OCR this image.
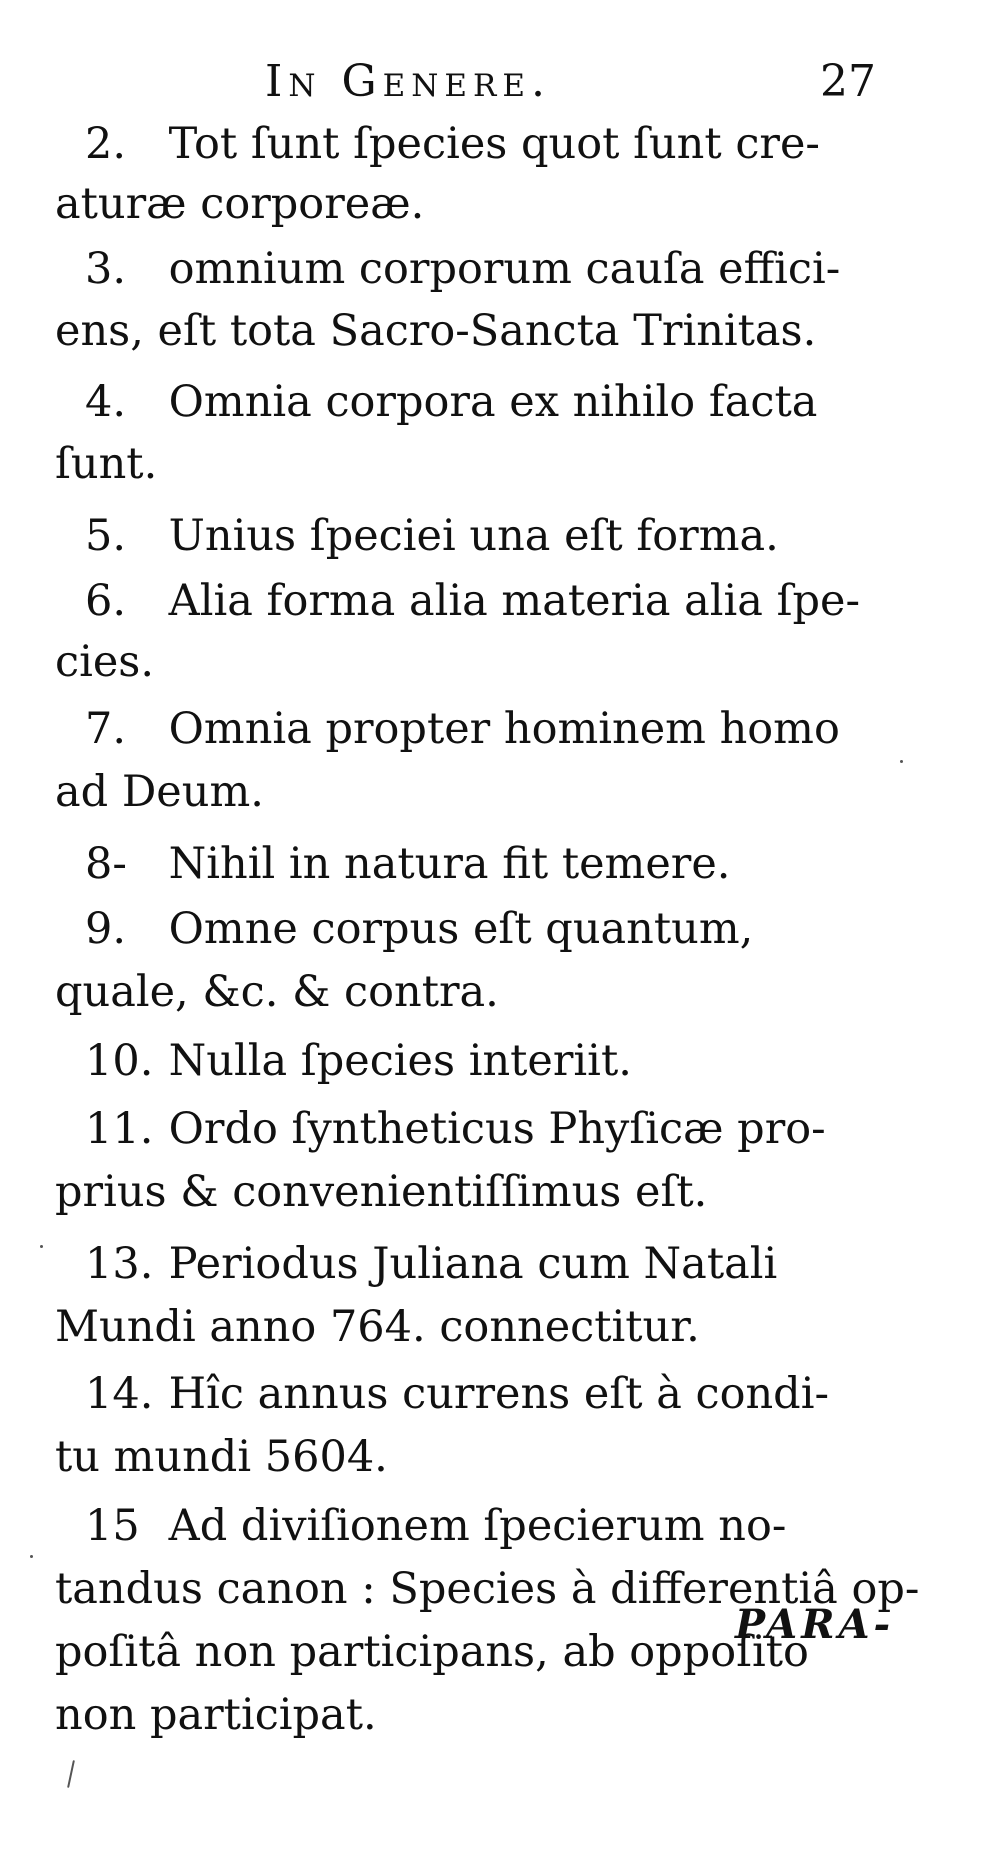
In Genere.	27
2. Tot ſunt ſpecies quot ſunt cre-
aturæ corporeæ.
3. omnium corporum cauſa effici-
ens, eſt tota Sacro-Sancta Trinitas.
4. Omnia corpora ex nihilo facta
ſunt.
5. Unius ſpeciei una eſt forma.
6. Alia forma alia materia alia ſpe-
cies.
7. Omnia propter hominem homo
ad Deum.
8- Nihil in natura fit temere.
9. Omne corpus eſt quantum,
quale, &c. & contra.
10. Nulla ſpecies interiit.
11. Ordo ſyntheticus Phyſicæ pro-
prius & convenientiſſimus eſt.
13. Periodus Juliana cum Natali
Mundi anno 764. connectitur.
14. Hîc annus currens eſt à condi-
tu mundi 5604.
15 Ad diviſionem ſpecierum no-
tandus canon : Species à differentiâ op-
poſitâ non participans, ab oppoſito
non participat.
PARA-
